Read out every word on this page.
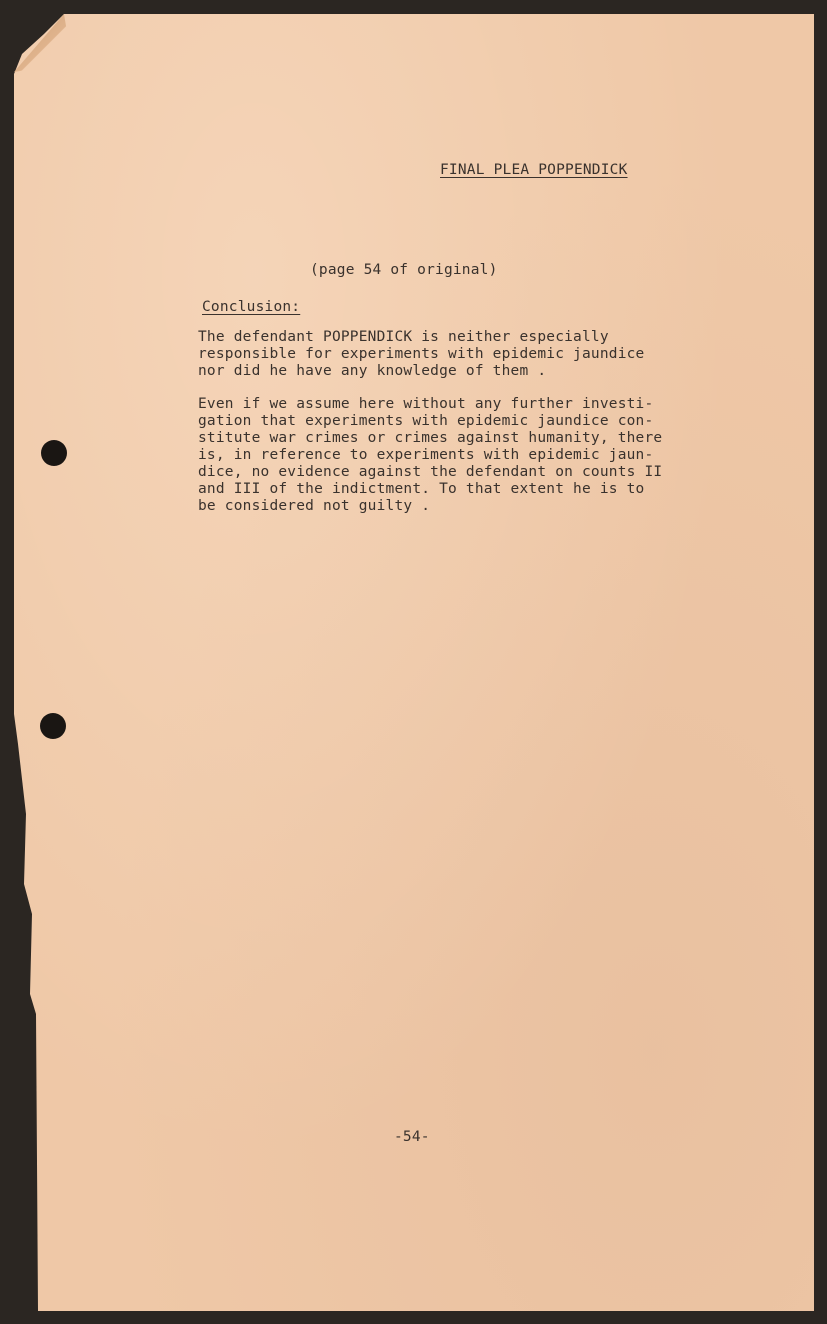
FINAL PLEA POPPENDICK
(page 54 of original)
Conclusion:
The defendant POPPENDICK is neither especially
responsible for experiments with epidemic jaundice
nor did he have any knowledge of them .
Even if we assume here without any further investi-
gation that experiments with epidemic jaundice con-
stitute war crimes or crimes against humanity, there
is, in reference to experiments with epidemic jaun-
dice, no evidence against the defendant on counts II
and III of the indictment. To that extent he is to
be considered not guilty .
-54-
